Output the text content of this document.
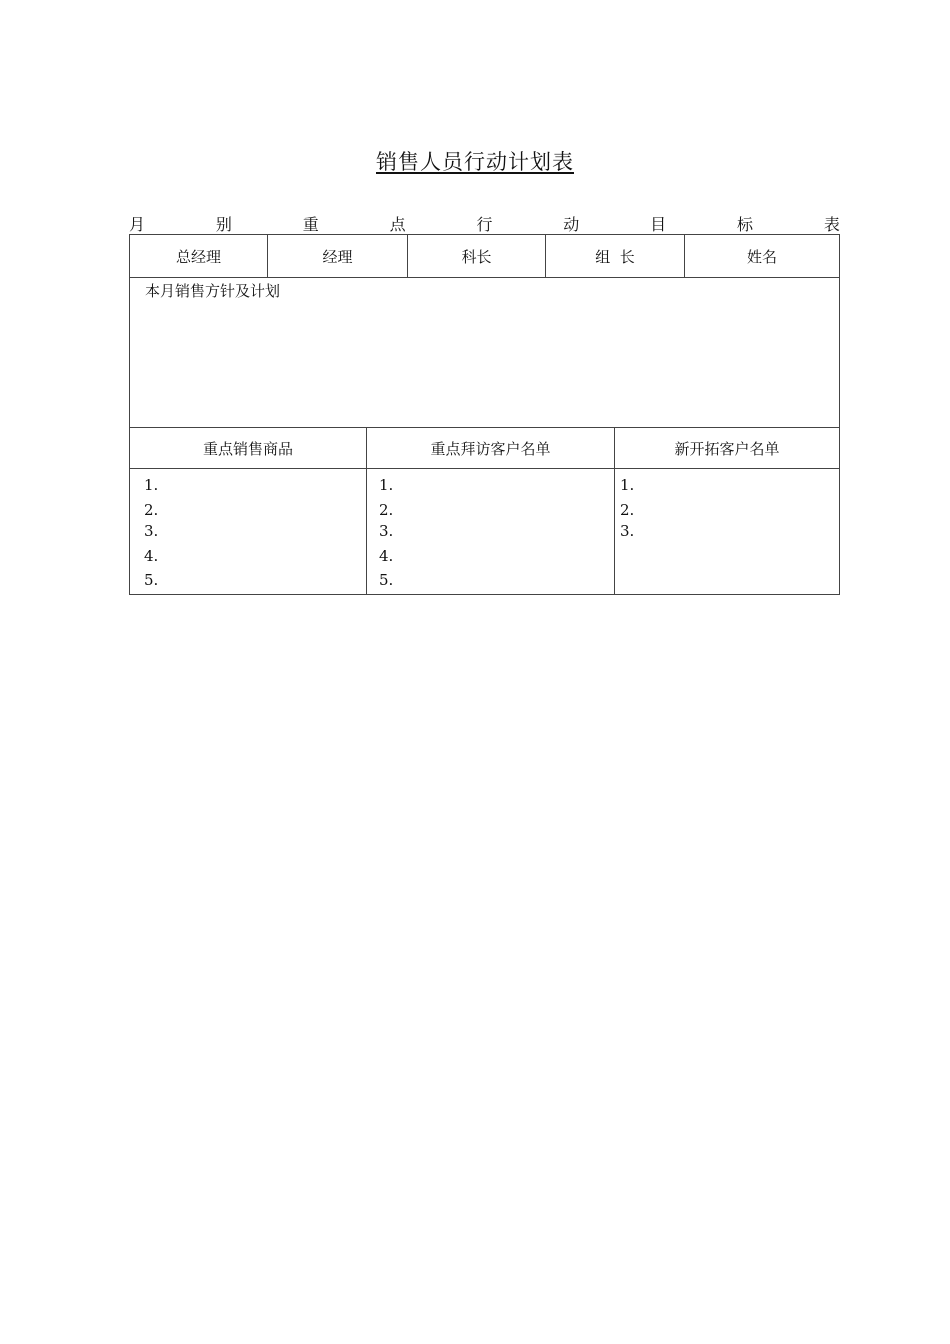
销售人员行动计划表
月	别	重	点	行	动	目	标	表
总经理	经理	科长	组  长	姓名
本月销售方针及计划
重点销售商品	重点拜访客户名单	新开拓客户名单
1.
2.
3.
4.
5.
1.
2.
3.
4.
5.
1.
2.
3.
